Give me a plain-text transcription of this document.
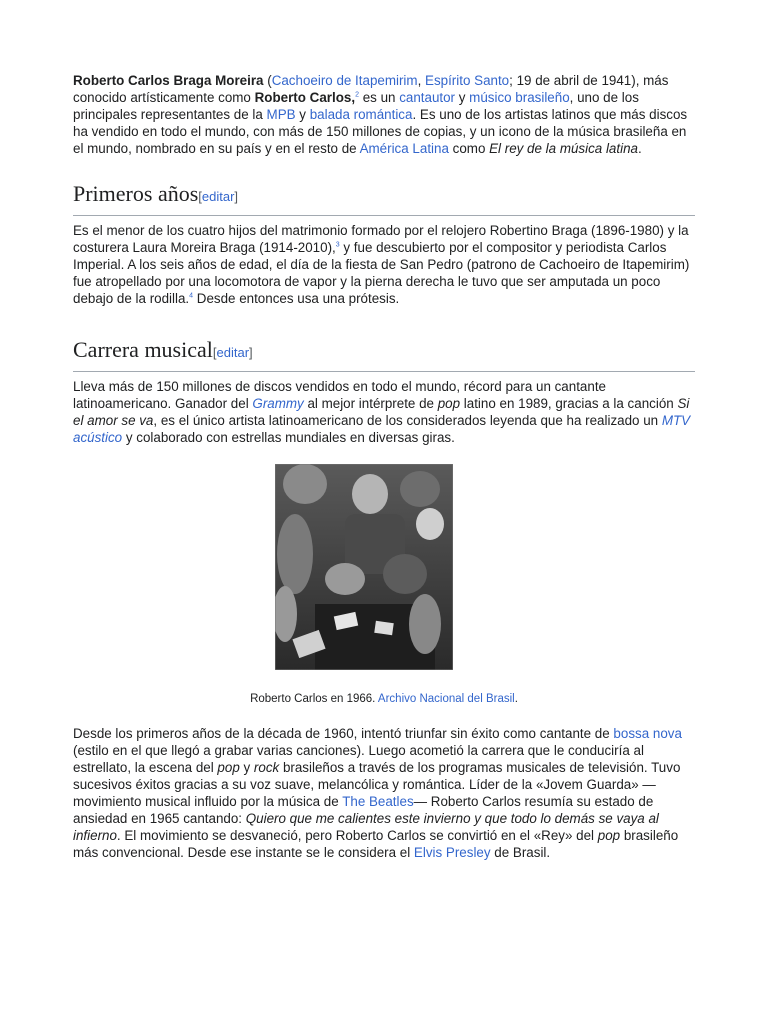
Roberto Carlos Braga Moreira (Cachoeiro de Itapemirim, Espírito Santo; 19 de abril de 1941), más conocido artísticamente como Roberto Carlos,$^2$ es un cantautor y músico brasileño, uno de los principales representantes de la MPB y balada romántica. Es uno de los artistas latinos que más discos ha vendido en todo el mundo, con más de 150 millones de copias, y un icono de la música brasileña en el mundo, nombrado en su país y en el resto de América Latina como El rey de la música latina.

Primeros años[editar]

Es el menor de los cuatro hijos del matrimonio formado por el relojero Robertino Braga (1896-1980) y la costurera Laura Moreira Braga (1914-2010),$^3$ y fue descubierto por el compositor y periodista Carlos Imperial. A los seis años de edad, el día de la fiesta de San Pedro (patrono de Cachoeiro de Itapemirim) fue atropellado por una locomotora de vapor y la pierna derecha le tuvo que ser amputada un poco debajo de la rodilla.$^4$ Desde entonces usa una prótesis.

Carrera musical[editar]

Lleva más de 150 millones de discos vendidos en todo el mundo, récord para un cantante latinoamericano. Ganador del Grammy al mejor intérprete de pop latino en 1989, gracias a la canción Si el amor se va, es el único artista latinoamericano de los considerados leyenda que ha realizado un MTV acústico y colaborado con estrellas mundiales en diversas giras.

Roberto Carlos en 1966. Archivo Nacional del Brasil.

Desde los primeros años de la década de 1960, intentó triunfar sin éxito como cantante de bossa nova (estilo en el que llegó a grabar varias canciones). Luego acometió la carrera que le conduciría al estrellato, la escena del pop y rock brasileños a través de los programas musicales de televisión. Tuvo sucesivos éxitos gracias a su voz suave, melancólica y romántica. Líder de la «Jovem Guarda» —movimiento musical influido por la música de The Beatles— Roberto Carlos resumía su estado de ansiedad en 1965 cantando: Quiero que me calientes este invierno y que todo lo demás se vaya al infierno. El movimiento se desvaneció, pero Roberto Carlos se convirtió en el «Rey» del pop brasileño más convencional. Desde ese instante se le considera el Elvis Presley de Brasil.
